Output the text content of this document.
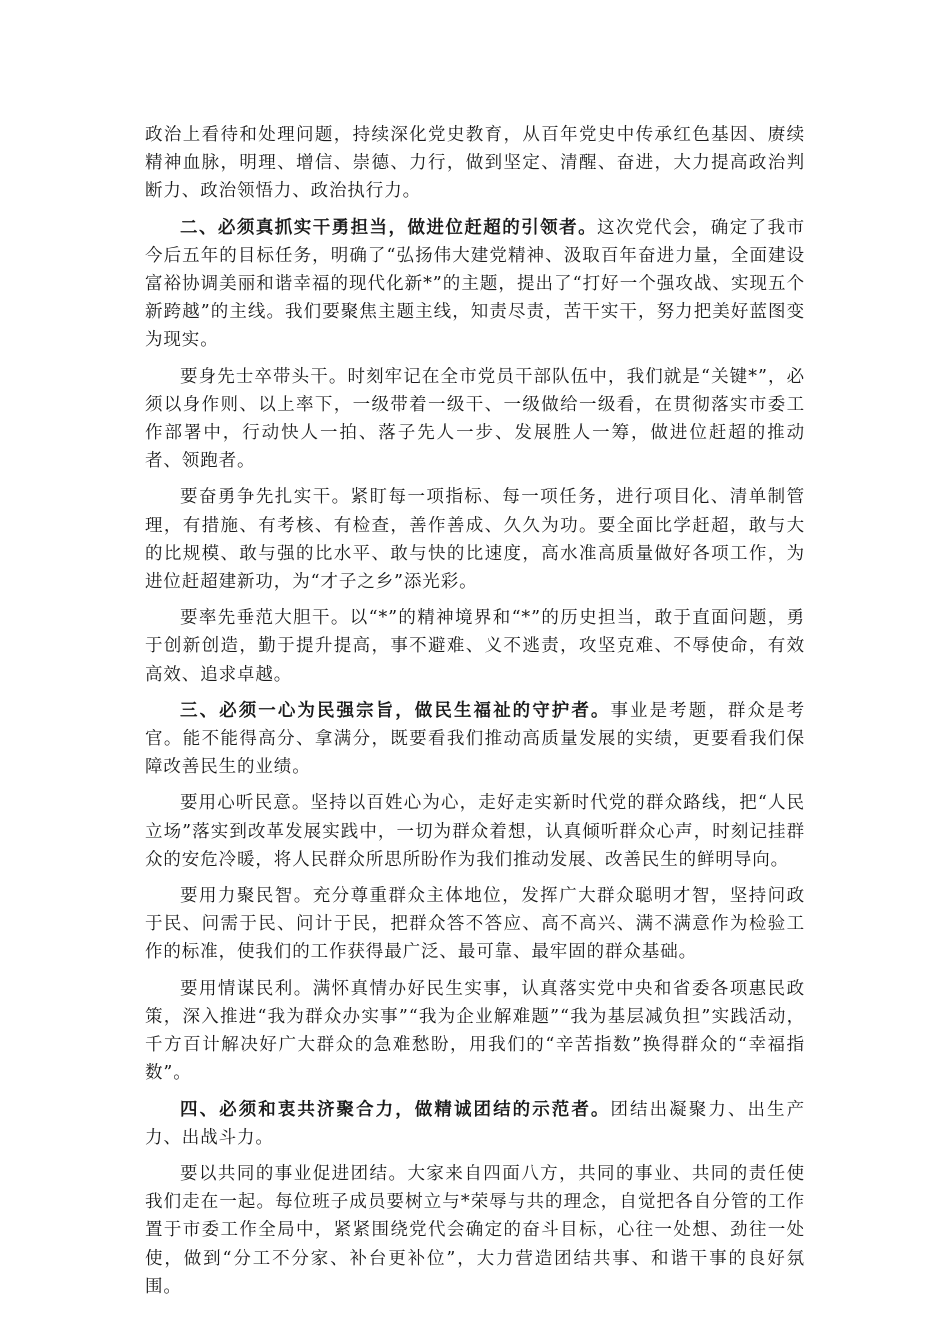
政治上看待和处理问题，持续深化党史教育，从百年党史中传承红色基因、赓续精神血脉，明理、增信、崇德、力行，做到坚定、清醒、奋进，大力提高政治判断力、政治领悟力、政治执行力。

二、必须真抓实干勇担当，做进位赶超的引领者。这次党代会，确定了我市今后五年的目标任务，明确了“弘扬伟大建党精神、汲取百年奋进力量，全面建设富裕协调美丽和谐幸福的现代化新*”的主题，提出了“打好一个强攻战、实现五个新跨越”的主线。我们要聚焦主题主线，知责尽责，苦干实干，努力把美好蓝图变为现实。

要身先士卒带头干。时刻牢记在全市党员干部队伍中，我们就是“关键*”，必须以身作则、以上率下，一级带着一级干、一级做给一级看，在贯彻落实市委工作部署中，行动快人一拍、落子先人一步、发展胜人一筹，做进位赶超的推动者、领跑者。

要奋勇争先扎实干。紧盯每一项指标、每一项任务，进行项目化、清单制管理，有措施、有考核、有检查，善作善成、久久为功。要全面比学赶超，敢与大的比规模、敢与强的比水平、敢与快的比速度，高水准高质量做好各项工作，为进位赶超建新功，为“才子之乡”添光彩。

要率先垂范大胆干。以“*”的精神境界和“*”的历史担当，敢于直面问题，勇于创新创造，勤于提升提高，事不避难、义不逃责，攻坚克难、不辱使命，有效高效、追求卓越。

三、必须一心为民强宗旨，做民生福祉的守护者。事业是考题，群众是考官。能不能得高分、拿满分，既要看我们推动高质量发展的实绩，更要看我们保障改善民生的业绩。

要用心听民意。坚持以百姓心为心，走好走实新时代党的群众路线，把“人民立场”落实到改革发展实践中，一切为群众着想，认真倾听群众心声，时刻记挂群众的安危冷暖，将人民群众所思所盼作为我们推动发展、改善民生的鲜明导向。

要用力聚民智。充分尊重群众主体地位，发挥广大群众聪明才智，坚持问政于民、问需于民、问计于民，把群众答不答应、高不高兴、满不满意作为检验工作的标准，使我们的工作获得最广泛、最可靠、最牢固的群众基础。

要用情谋民利。满怀真情办好民生实事，认真落实党中央和省委各项惠民政策，深入推进“我为群众办实事”“我为企业解难题”“我为基层减负担”实践活动，千方百计解决好广大群众的急难愁盼，用我们的“辛苦指数”换得群众的“幸福指数”。

四、必须和衷共济聚合力，做精诚团结的示范者。团结出凝聚力、出生产力、出战斗力。

要以共同的事业促进团结。大家来自四面八方，共同的事业、共同的责任使我们走在一起。每位班子成员要树立与*荣辱与共的理念，自觉把各自分管的工作置于市委工作全局中，紧紧围绕党代会确定的奋斗目标，心往一处想、劲往一处使，做到“分工不分家、补台更补位”，大力营造团结共事、和谐干事的良好氛围。
